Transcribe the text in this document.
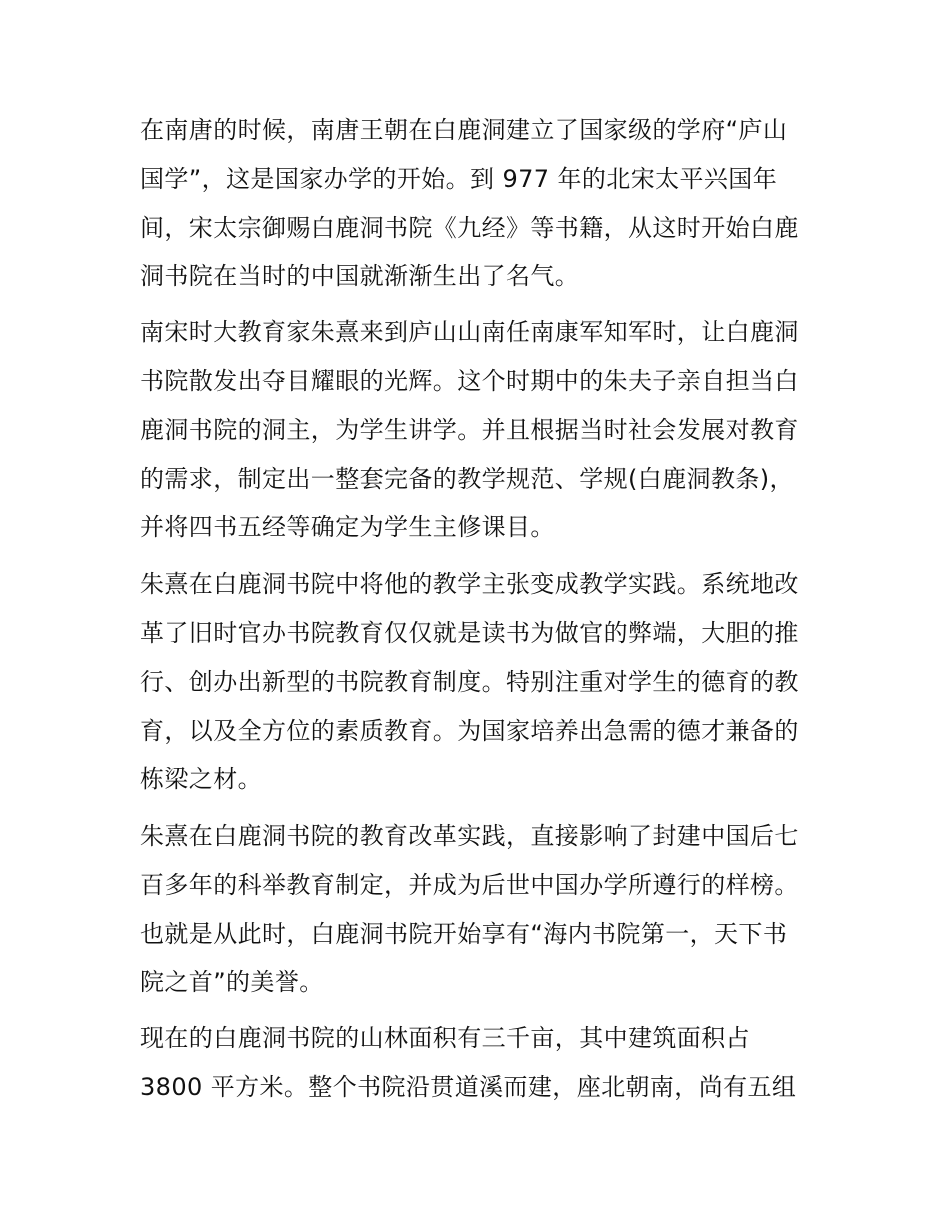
在南唐的时候，南唐王朝在白鹿洞建立了国家级的学府“庐山
国学”，这是国家办学的开始。到 977 年的北宋太平兴国年
间，宋太宗御赐白鹿洞书院《九经》等书籍，从这时开始白鹿
洞书院在当时的中国就渐渐生出了名气。
南宋时大教育家朱熹来到庐山山南任南康军知军时，让白鹿洞
书院散发出夺目耀眼的光辉。这个时期中的朱夫子亲自担当白
鹿洞书院的洞主，为学生讲学。并且根据当时社会发展对教育
的需求，制定出一整套完备的教学规范、学规(白鹿洞教条)，
并将四书五经等确定为学生主修课目。
朱熹在白鹿洞书院中将他的教学主张变成教学实践。系统地改
革了旧时官办书院教育仅仅就是读书为做官的弊端，大胆的推
行、创办出新型的书院教育制度。特别注重对学生的德育的教
育，以及全方位的素质教育。为国家培养出急需的德才兼备的
栋梁之材。
朱熹在白鹿洞书院的教育改革实践，直接影响了封建中国后七
百多年的科举教育制定，并成为后世中国办学所遵行的样榜。
也就是从此时，白鹿洞书院开始享有“海内书院第一，天下书
院之首”的美誉。
现在的白鹿洞书院的山林面积有三千亩，其中建筑面积占
3800 平方米。整个书院沿贯道溪而建，座北朝南，尚有五组
